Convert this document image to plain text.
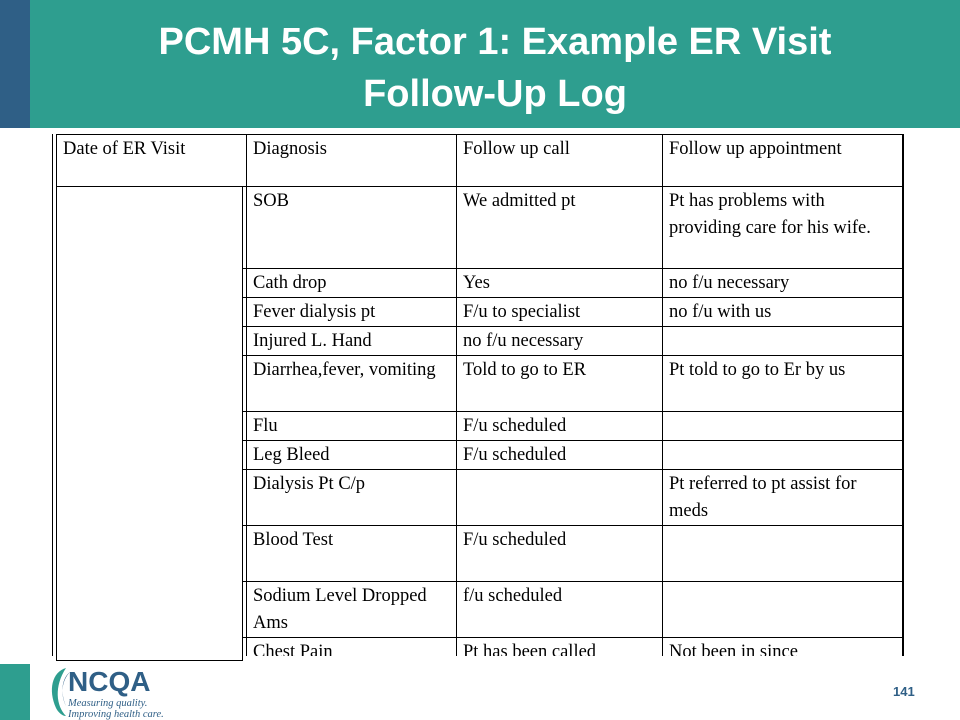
PCMH 5C, Factor 1: Example ER Visit
Follow-Up Log
Date of ER Visit	Diagnosis	Follow up call	Follow up appointment
	SOB	We admitted pt	Pt has problems with providing care for his wife.
	Cath drop	Yes	no f/u necessary
	Fever dialysis pt	F/u to specialist	no f/u with us
	Injured L. Hand	no f/u necessary	
	Diarrhea,fever, vomiting	Told to go to ER	Pt told to go to Er by us
	Flu	F/u scheduled	
	Leg Bleed	F/u scheduled	
	Dialysis Pt C/p		Pt referred to pt assist for meds
	Blood Test	F/u scheduled	
	Sodium Level Dropped Ams	f/u scheduled	
	Chest Pain	Pt has been called	Not been in since
NCQA
Measuring quality.
Improving health care.
141
